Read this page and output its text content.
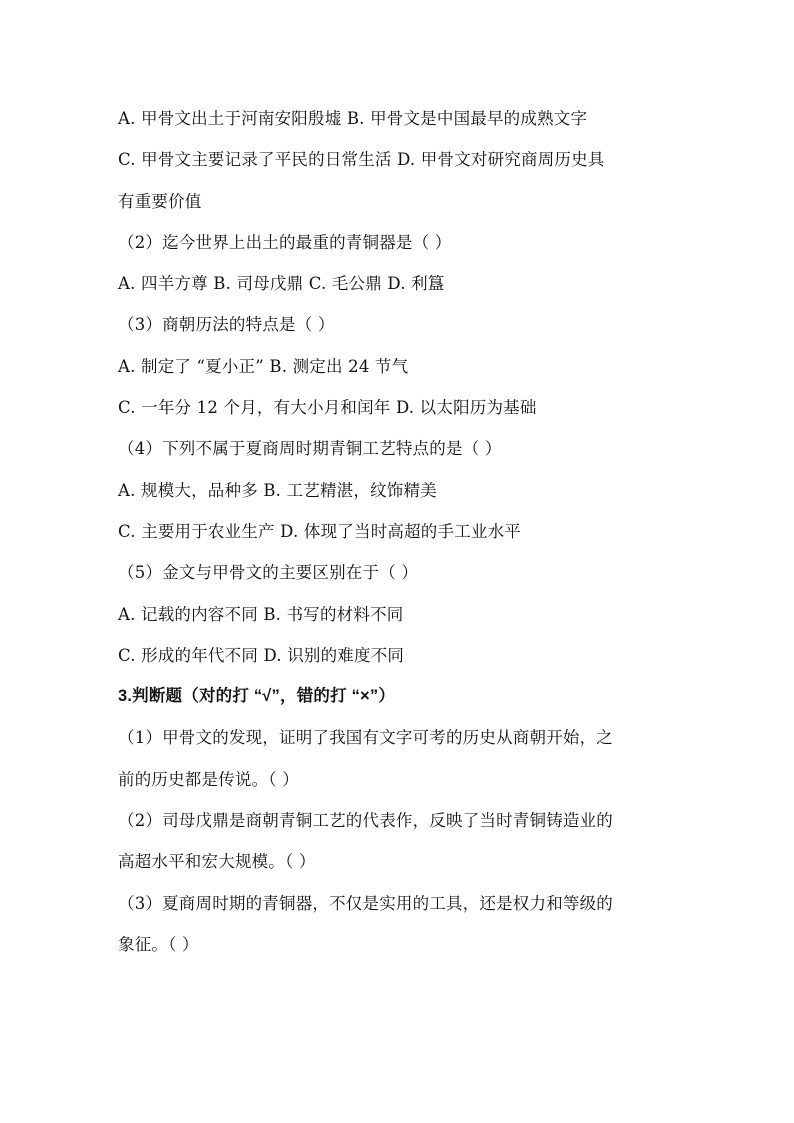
A. 甲骨文出土于河南安阳殷墟 B. 甲骨文是中国最早的成熟文字
C. 甲骨文主要记录了平民的日常生活 D. 甲骨文对研究商周历史具
有重要价值
（2）迄今世界上出土的最重的青铜器是（ ）
A. 四羊方尊 B. 司母戊鼎 C. 毛公鼎 D. 利簋
（3）商朝历法的特点是（ ）
A. 制定了 “夏小正” B. 测定出 24 节气
C. 一年分 12 个月，有大小月和闰年 D. 以太阳历为基础
（4）下列不属于夏商周时期青铜工艺特点的是（ ）
A. 规模大，品种多 B. 工艺精湛，纹饰精美
C. 主要用于农业生产 D. 体现了当时高超的手工业水平
（5）金文与甲骨文的主要区别在于（ ）
A. 记载的内容不同 B. 书写的材料不同
C. 形成的年代不同 D. 识别的难度不同
3.判断题（对的打 “√”，错的打 “×”）
（1）甲骨文的发现，证明了我国有文字可考的历史从商朝开始，之
前的历史都是传说。（ ）
（2）司母戊鼎是商朝青铜工艺的代表作，反映了当时青铜铸造业的
高超水平和宏大规模。（ ）
（3）夏商周时期的青铜器，不仅是实用的工具，还是权力和等级的
象征。（ ）
